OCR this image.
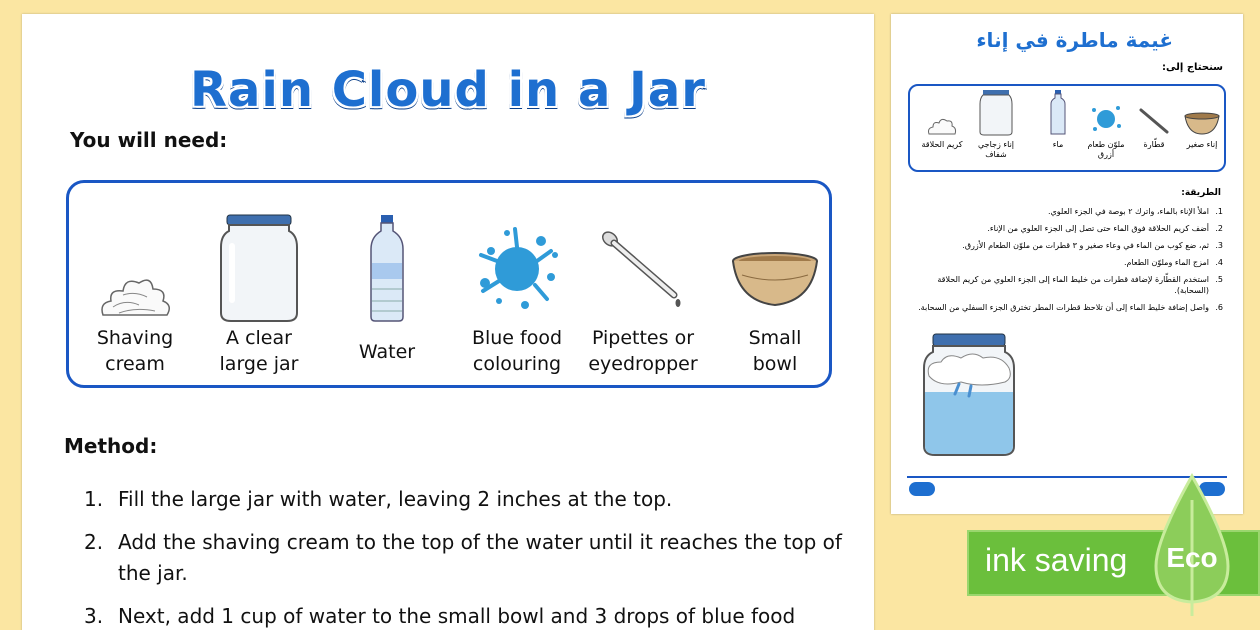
Rain Cloud in a Jar
You will need:
Shaving
cream
A clear
large jar
Water
Blue food
colouring
Pipettes or
eyedropper
Small
bowl
Method:
1. Fill the large jar with water, leaving 2 inches at the top.
2. Add the shaving cream to the top of the water until it reaches the top of the jar.
3. Next, add 1 cup of water to the small bowl and 3 drops of blue food
غيمة ماطرة في إناء
سنحتاج إلى:
إناء صغير
قطّارة
ملوّن طعام
أزرق
ماء
إناء زجاجي
شفاف
كريم الحلاقة
الطريقة:
1.
املأ الإناء بالماء، واترك ٢ بوصة في الجزء العلوي.
2.
أضف كريم الحلاقة فوق الماء حتى تصل إلى الجزء العلوي من الإناء.
3.
ثم، ضع كوب من الماء في وعاء صغير و ٣ قطرات من ملوّن الطعام الأزرق.
4.
امزج الماء وملوّن الطعام.
5.
استخدم القطّارة لإضافة قطرات من خليط الماء إلى الجزء العلوي من كريم الحلاقة (السحابة).
6.
واصل إضافة خليط الماء إلى أن تلاحظ قطرات المطر تخترق الجزء السفلي من السحابة.
ink saving	Eco
